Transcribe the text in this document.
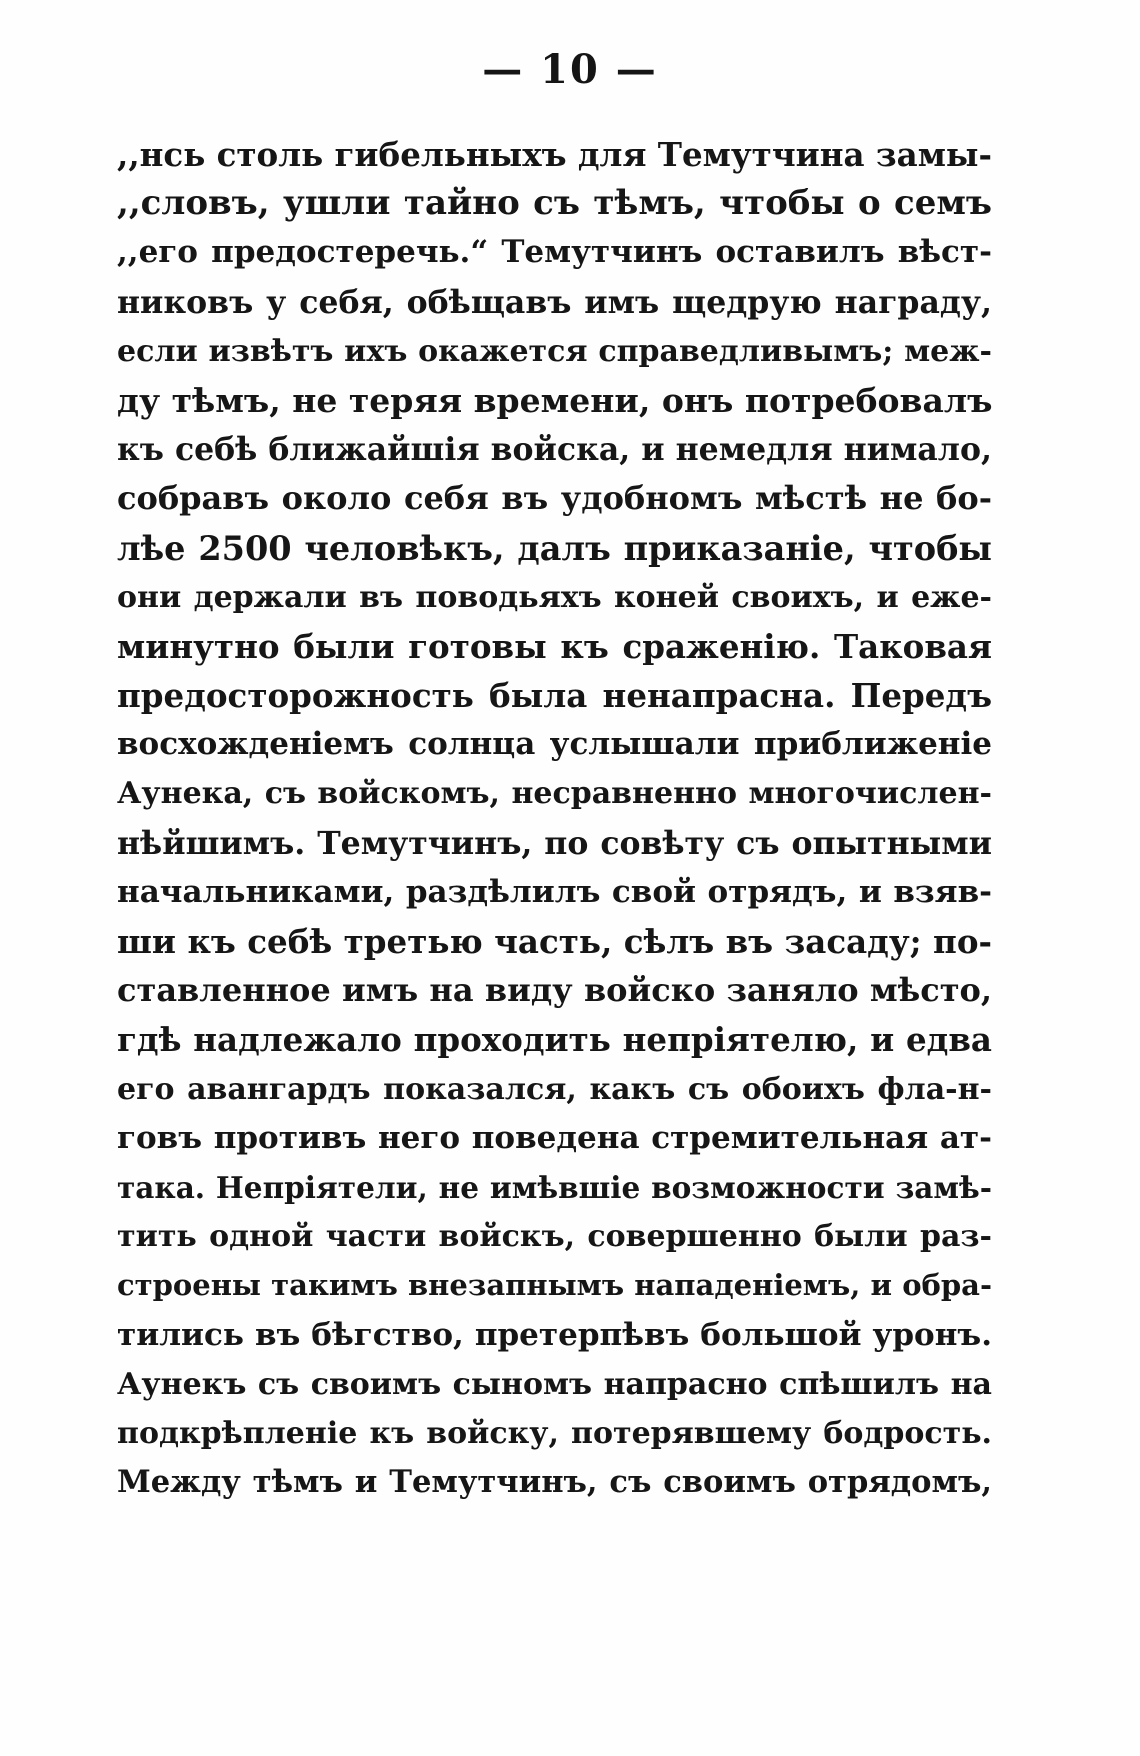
— 10 —
,,нсь столь гибельныхъ для Темутчина замы-
,,словъ, ушли тайно съ тѣмъ, чтобы о семъ
,,его предостеречь.“ Темутчинъ оставилъ вѣст-
никовъ у себя, обѣщавъ имъ щедрую награду,
если извѣтъ ихъ окажется справедливымъ; меж-
ду тѣмъ, не теряя времени, онъ потребовалъ
къ себѣ ближайшія войска, и немедля нимало,
собравъ около себя въ удобномъ мѣстѣ не бо-
лѣе 2500 человѣкъ, далъ приказаніе, чтобы
они держали въ поводьяхъ коней своихъ, и еже-
минутно были готовы къ сраженію. Таковая
предосторожность была ненапрасна. Передъ
восхожденіемъ солнца услышали приближеніе
Аунека, съ войскомъ, несравненно многочислен-
нѣйшимъ. Темутчинъ, по совѣту съ опытными
начальниками, раздѣлилъ свой отрядъ, и взяв-
ши къ себѣ третью часть, сѣлъ въ засаду; по-
ставленное имъ на виду войско заняло мѣсто,
гдѣ надлежало проходить непріятелю, и едва
его авангардъ показался, какъ съ обоихъ фла-н-
говъ противъ него поведена стремительная ат-
така. Непріятели, не имѣвшіе возможности замѣ-
тить одной части войскъ, совершенно были раз-
строены такимъ внезапнымъ нападеніемъ, и обра-
тились въ бѣгство, претерпѣвъ большой уронъ.
Аунекъ съ своимъ сыномъ напрасно спѣшилъ на
подкрѣпленіе къ войску, потерявшему бодрость.
Между тѣмъ и Темутчинъ, съ своимъ отрядомъ,
